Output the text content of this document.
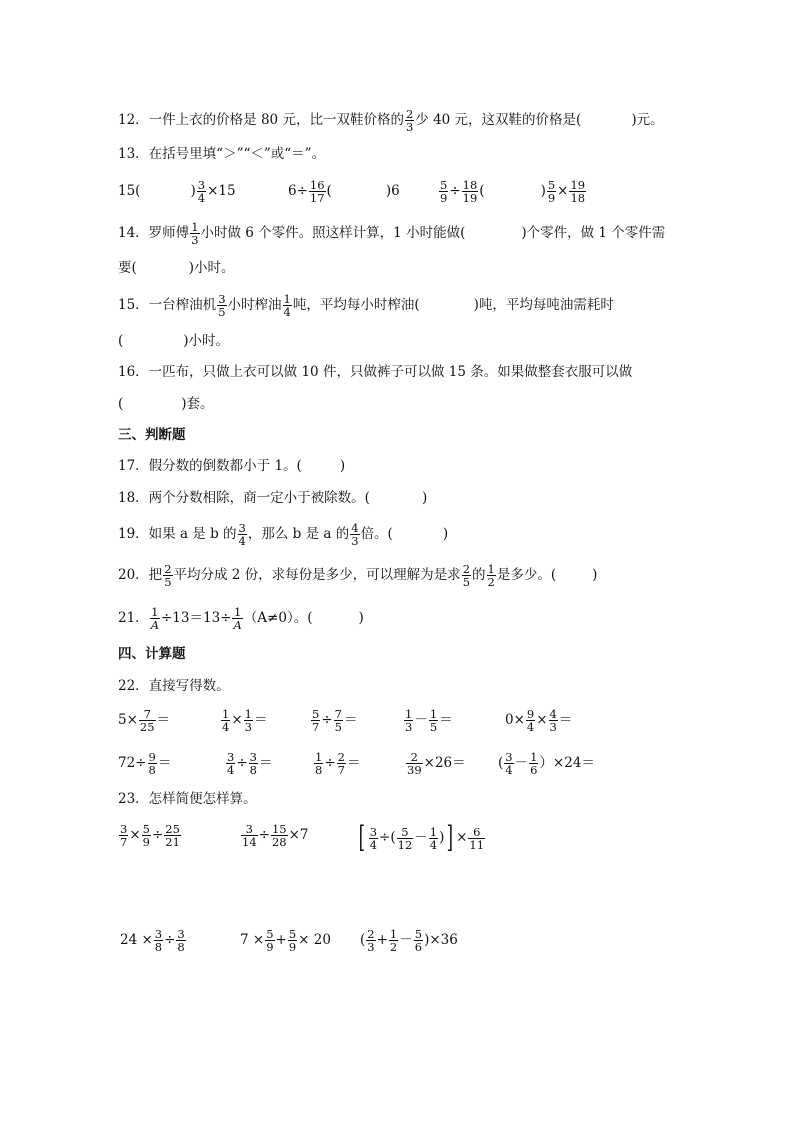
12．一件上衣的价格是 80 元，比一双鞋价格的 $\frac{2}{3}$ 少 40 元，这双鞋的价格是(	)元。
13．在括号里填“＞”“＜”或“＝”。
15(	) $\frac{3}{4} \times 15$	$6\div \frac{16}{17}$ (	)6	$\frac{5}{9} \div \frac{18}{19}$ (	) $\frac{5}{9} \times \frac{19}{18}$
14．罗师傅 $\frac{1}{3}$ 小时做 6 个零件。照这样计算，1 小时能做(	)个零件，做 1 个零件需
要(	)小时。
15．一台榨油机 $\frac{3}{5}$ 小时榨油 $\frac{1}{4}$ 吨，平均每小时榨油(	)吨，平均每吨油需耗时
(	)小时。
16．一匹布，只做上衣可以做 10 件，只做裤子可以做 15 条。如果做整套衣服可以做
(	)套。
三、判断题
17．假分数的倒数都小于 1。(	)
18．两个分数相除，商一定小于被除数。(	)
19．如果 a 是 b 的 $\frac{3}{4}$ ，那么 b 是 a 的 $\frac{4}{3}$ 倍。(	)
20．把 $\frac{2}{5}$ 平均分成 2 份，求每份是多少，可以理解为是求 $\frac{2}{5}$ 的 $\frac{1}{2}$ 是多少。(	)
21． $\frac{1}{A} \div 13=13\div \frac{1}{A} (A\ne 0)$。(	)
四、计算题
22．直接写得数。
$5\times \frac{7}{25}$ ＝	$\frac{1}{4} \times \frac{1}{3}$ ＝	$\frac{5}{7} \div \frac{7}{5}$ ＝	$\frac{1}{3} - \frac{1}{5}$ ＝	$0\times \frac{9}{4} \times \frac{4}{3}$ ＝
$72\div \frac{9}{8}$ ＝	$\frac{3}{4} \div \frac{3}{8}$ ＝	$\frac{1}{8} \div \frac{2}{7}$ ＝	$\frac{2}{39} \times 26=$ ( $\frac{3}{4} - \frac{1}{6} )\times 24=$
23．怎样简便怎样算。
$\frac{3}{7} \times \frac{5}{9} \div \frac{25}{21}$	$\frac{3}{14} \div \frac{15}{28} \times 7$ [ $\frac{3}{4}$ ÷( $\frac{5}{12} - \frac{1}{4}$ )] × $\frac{6}{11}$
$24 \times \frac{3}{8} \div \frac{3}{8}$	$7 \times \frac{5}{9} + \frac{5}{9} \times 20$ ( $\frac{2}{3} + \frac{1}{2} - \frac{5}{6} )\times 36$
